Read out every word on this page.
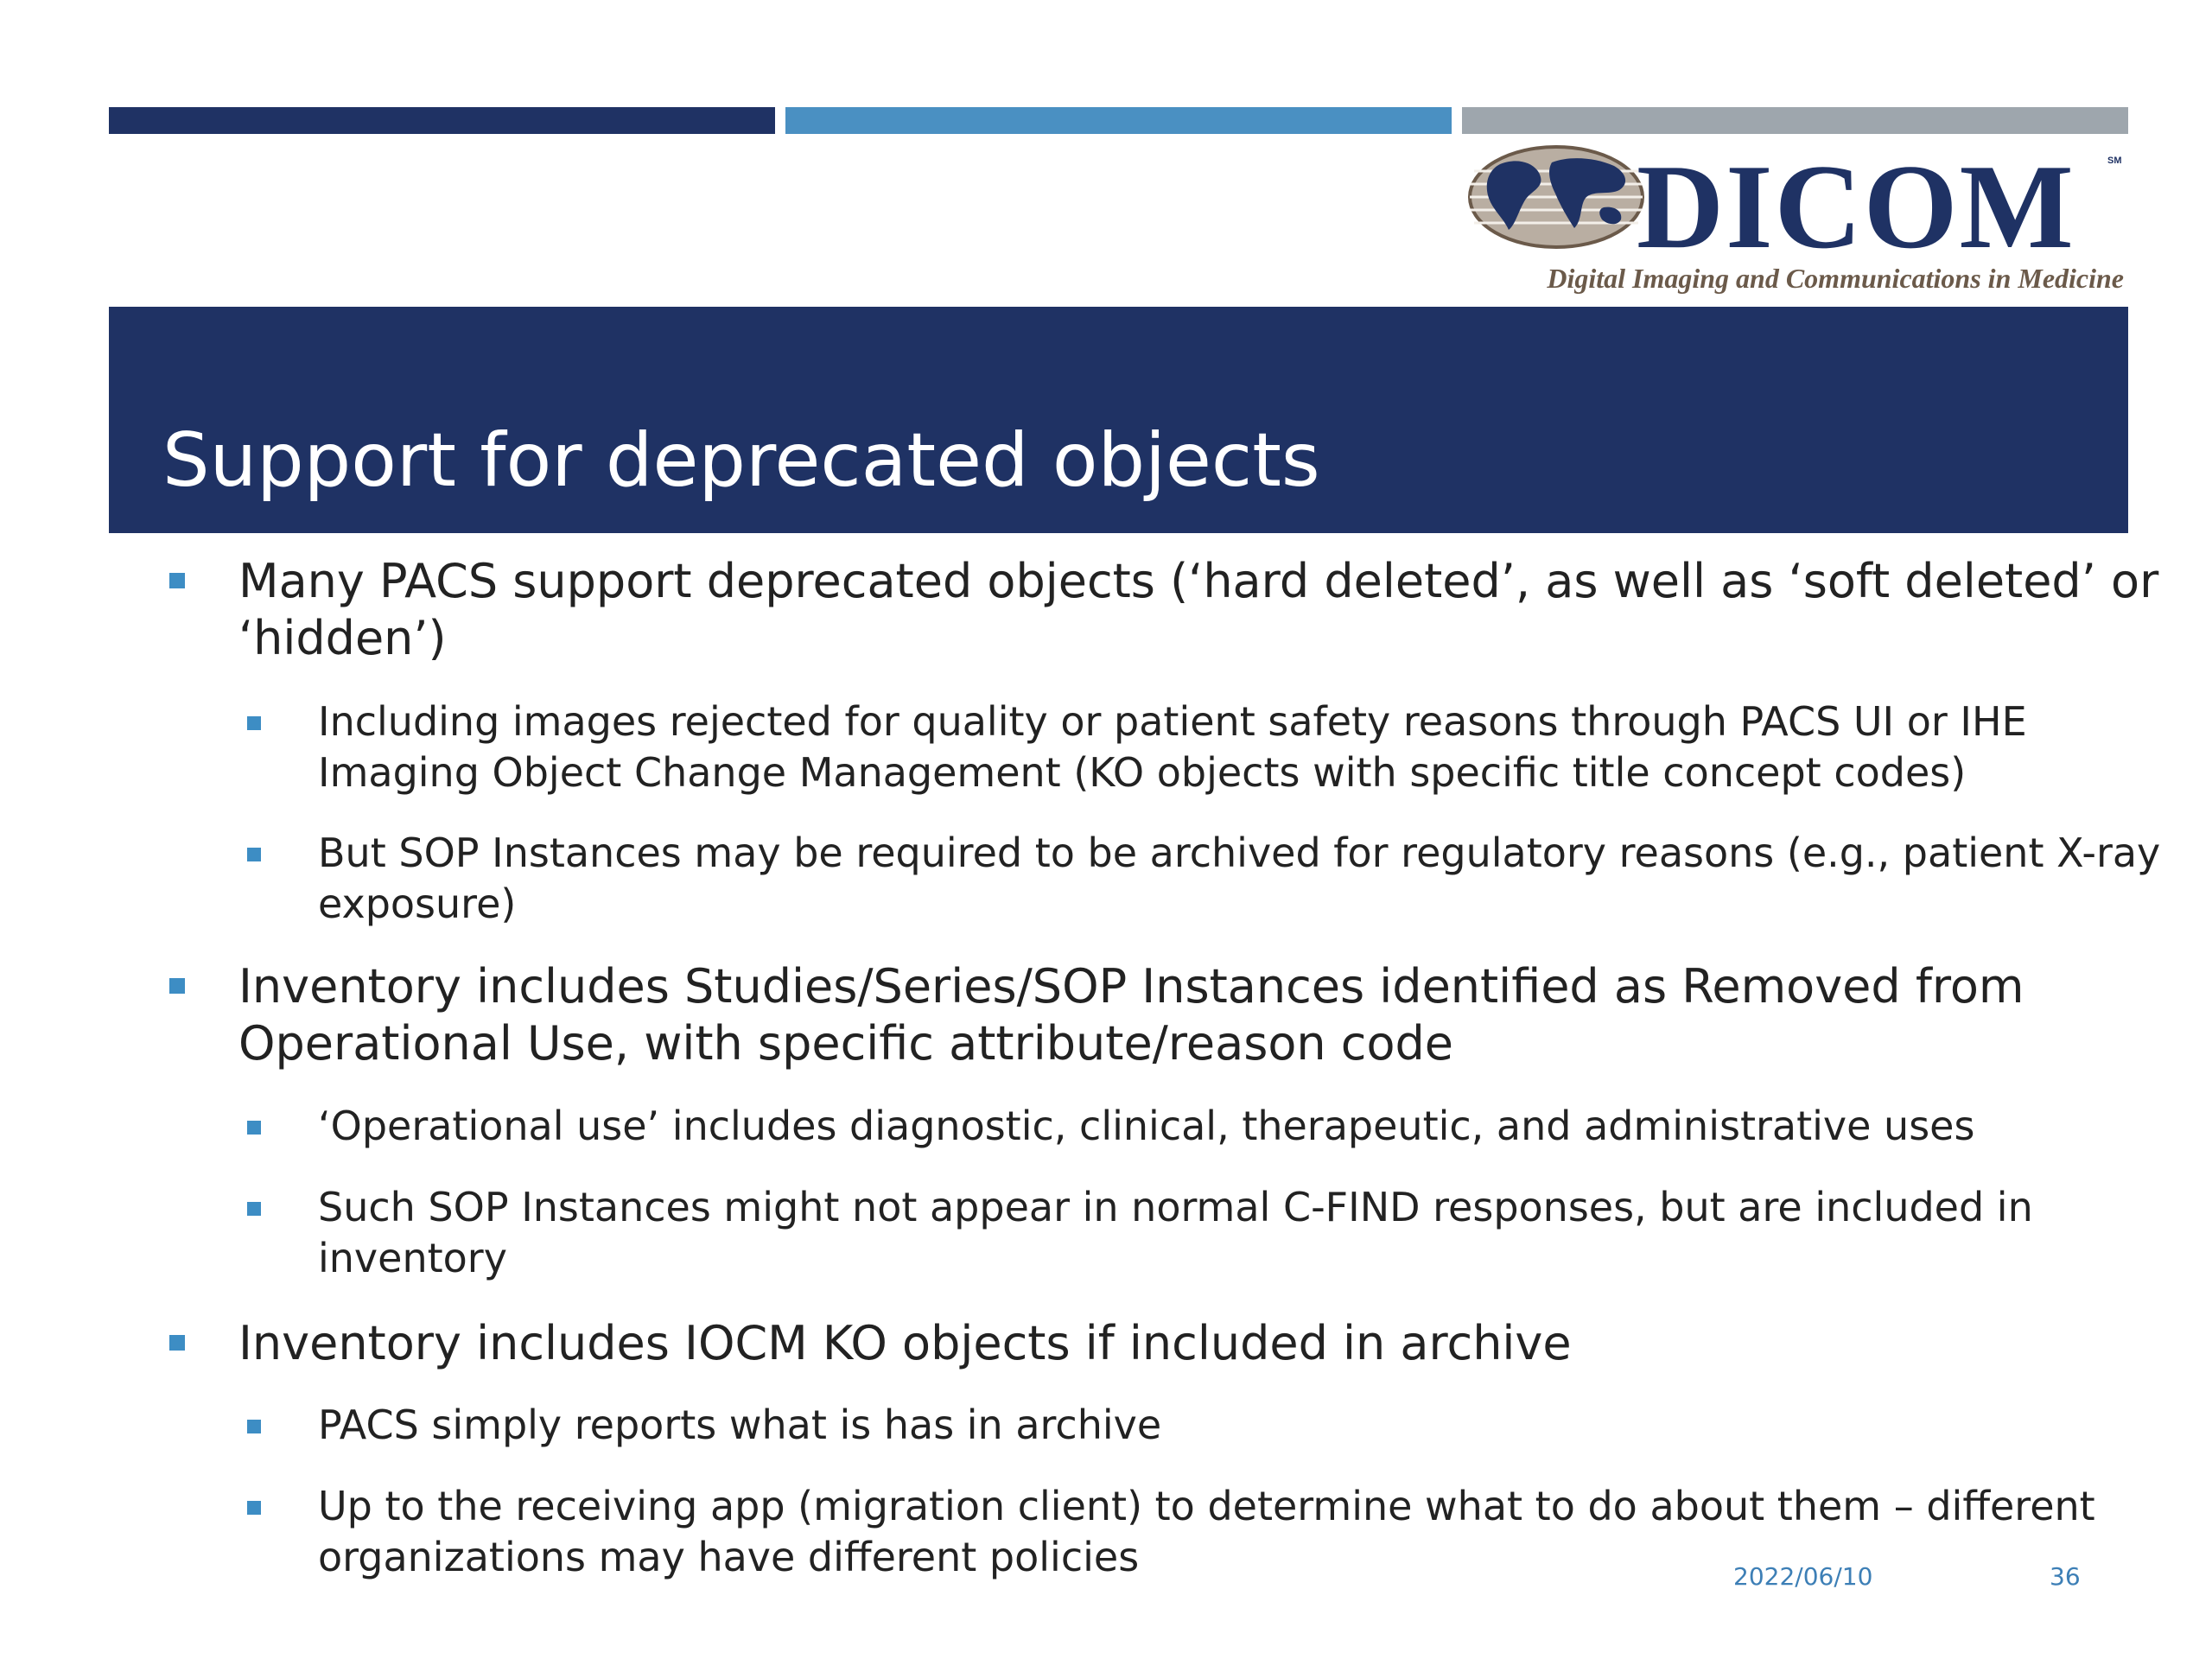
DICOM	SM
Digital Imaging and Communications in Medicine
Support for deprecated objects
Many PACS support deprecated objects (‘hard deleted’, as well as ‘soft deleted’ or
‘hidden’)
Including images rejected for quality or patient safety reasons through PACS UI or IHE
Imaging Object Change Management (KO objects with specific title concept codes)
But SOP Instances may be required to be archived for regulatory reasons (e.g., patient X-ray
exposure)
Inventory includes Studies/Series/SOP Instances identified as Removed from
Operational Use, with specific attribute/reason code
‘Operational use’ includes diagnostic, clinical, therapeutic, and administrative uses
Such SOP Instances might not appear in normal C-FIND responses, but are included in
inventory
Inventory includes IOCM KO objects if included in archive
PACS simply reports what is has in archive
Up to the receiving app (migration client) to determine what to do about them – different
organizations may have different policies	2022/06/10	36
